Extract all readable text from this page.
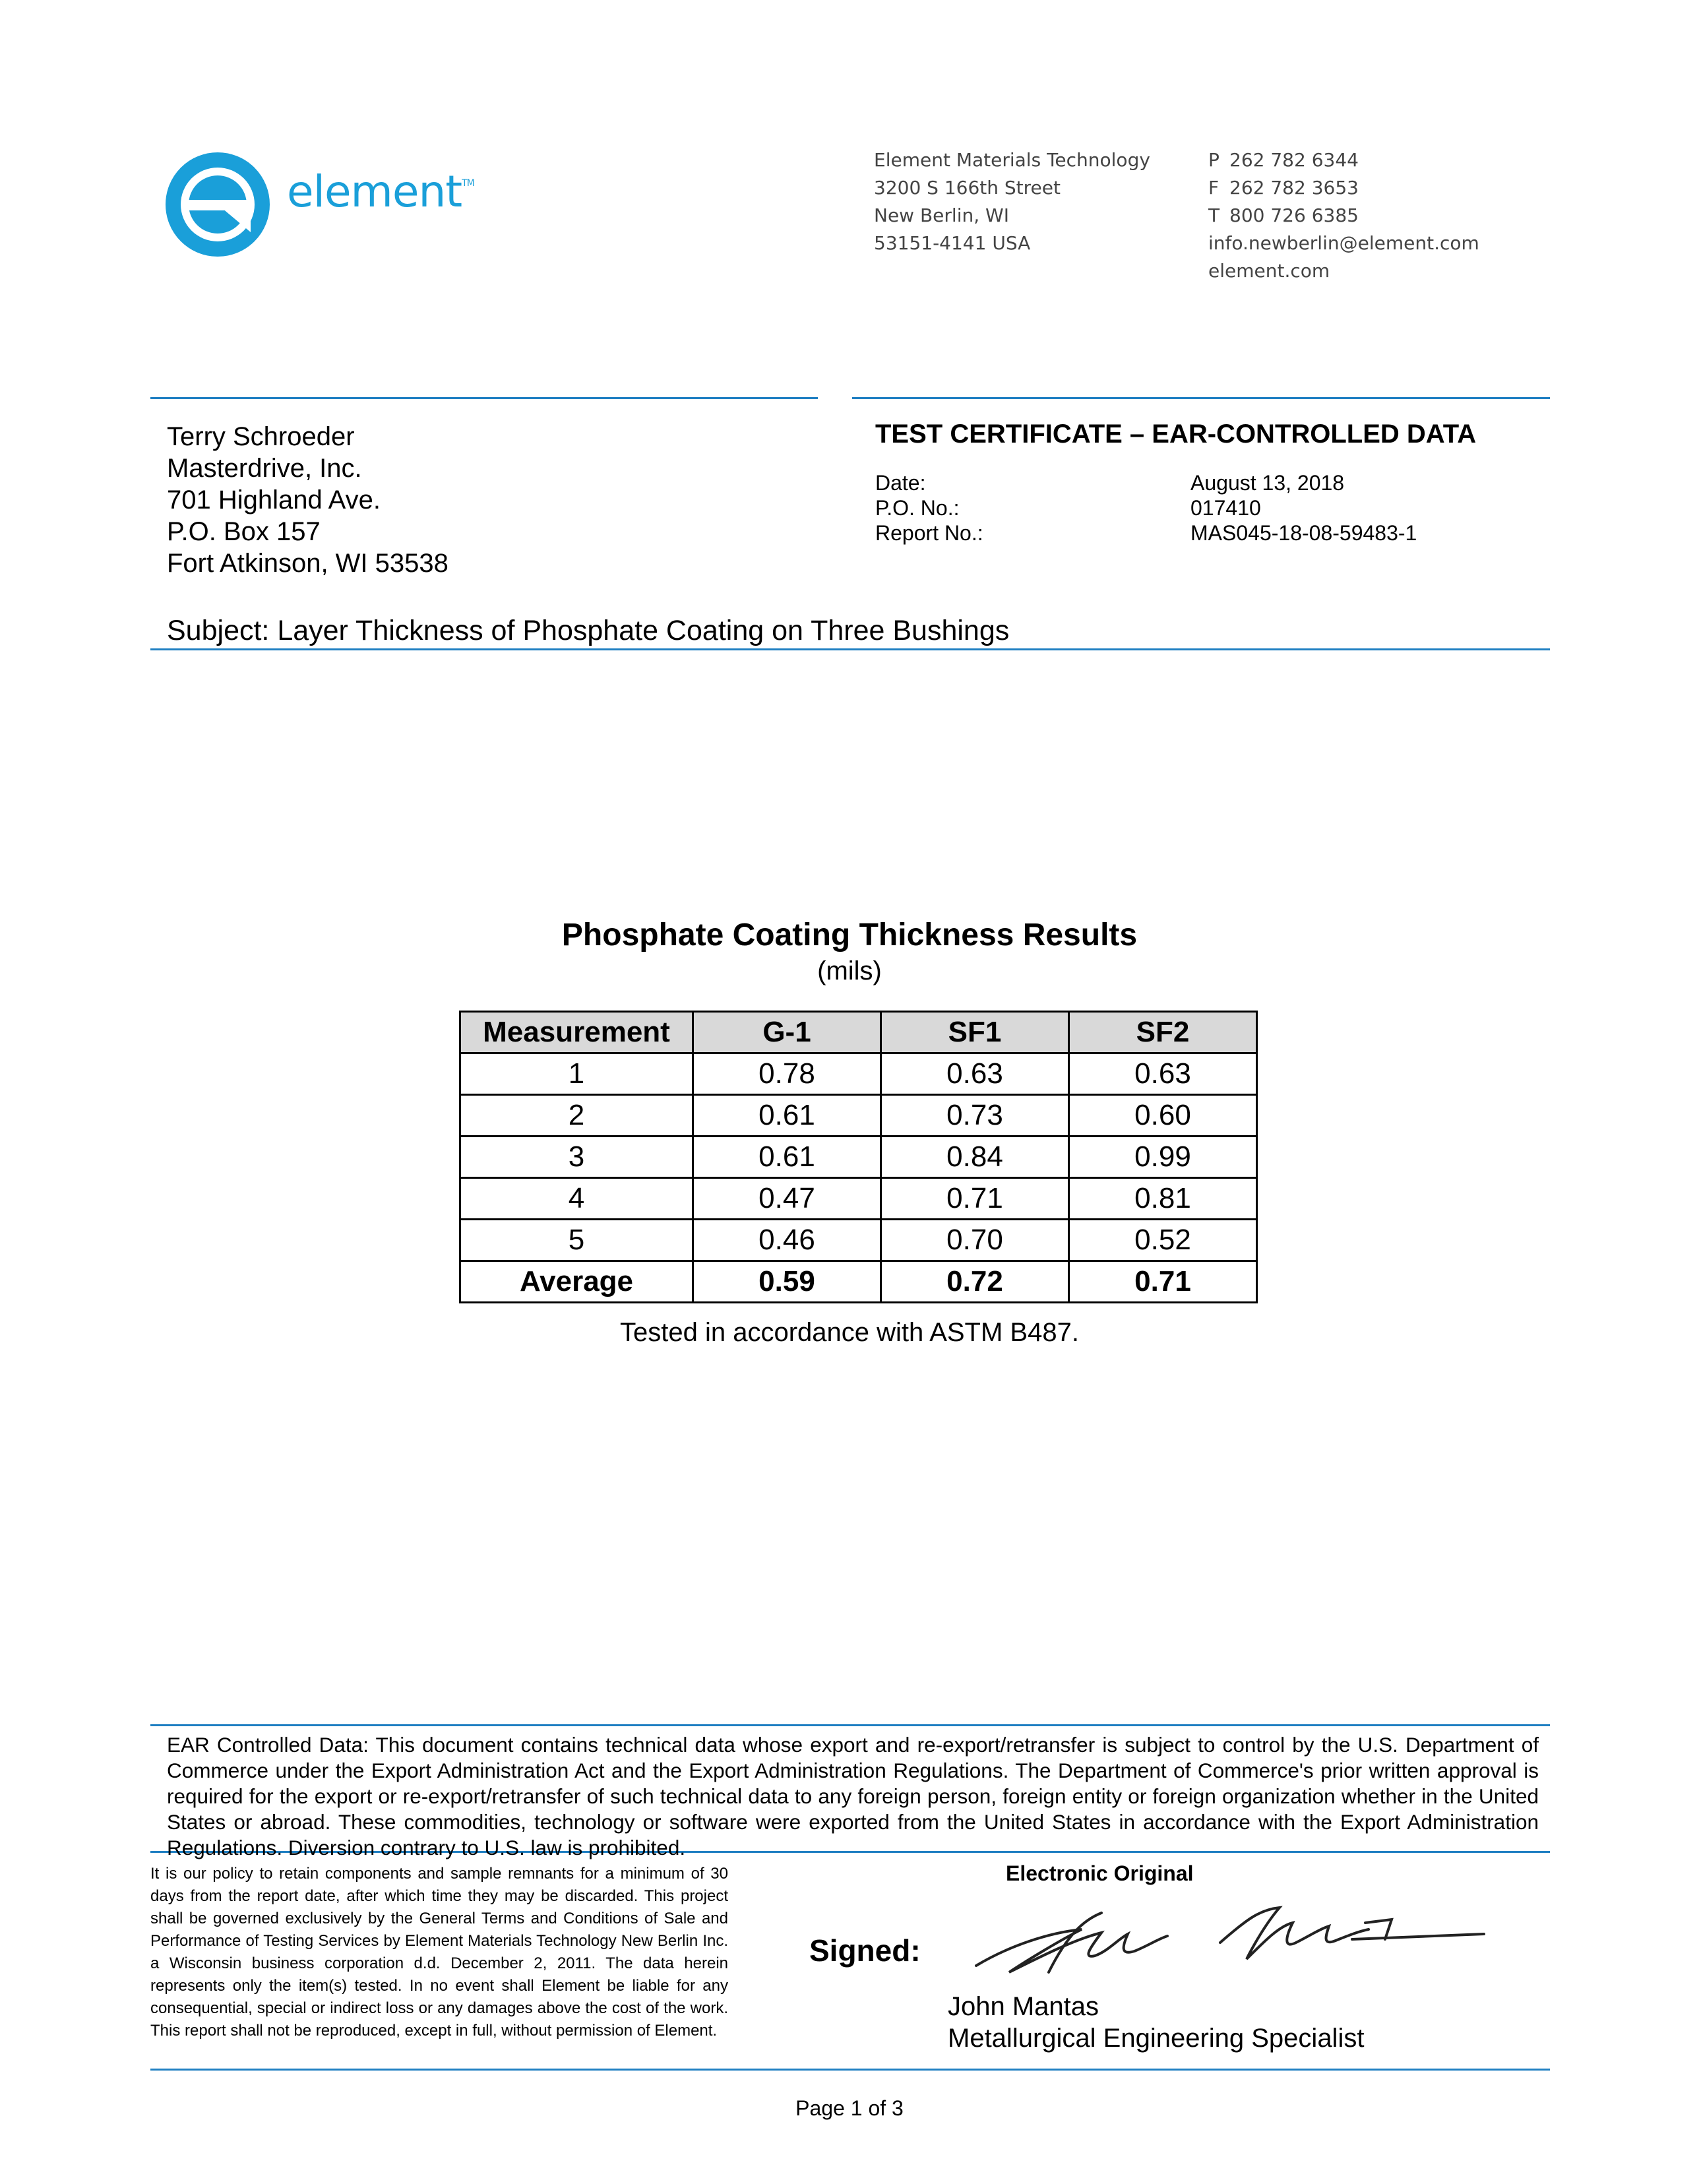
element™
Element Materials Technology
3200 S 166th Street
New Berlin, WI
53151-4141 USA
P 262 782 6344
F 262 782 3653
T 800 726 6385
info.newberlin@element.com
element.com
Terry Schroeder
Masterdrive, Inc.
701 Highland Ave.
P.O. Box 157
Fort Atkinson, WI 53538
TEST CERTIFICATE – EAR-CONTROLLED DATA
Date:	August 13, 2018
P.O. No.:	017410
Report No.:	MAS045-18-08-59483-1
Subject: Layer Thickness of Phosphate Coating on Three Bushings
Phosphate Coating Thickness Results
(mils)
Measurement	G-1	SF1	SF2
1	0.78	0.63	0.63
2	0.61	0.73	0.60
3	0.61	0.84	0.99
4	0.47	0.71	0.81
5	0.46	0.70	0.52
Average	0.59	0.72	0.71
Tested in accordance with ASTM B487.
EAR Controlled Data: This document contains technical data whose export and re-export/retransfer is subject to control by the U.S. Department of Commerce under the Export Administration Act and the Export Administration Regulations. The Department of Commerce's prior written approval is required for the export or re-export/retransfer of such technical data to any foreign person, foreign entity or foreign organization whether in the United States or abroad. These commodities, technology or software were exported from the United States in accordance with the Export Administration Regulations. Diversion contrary to U.S. law is prohibited.
It is our policy to retain components and sample remnants for a minimum of 30 days from the report date, after which time they may be discarded. This project shall be governed exclusively by the General Terms and Conditions of Sale and Performance of Testing Services by Element Materials Technology New Berlin Inc. a Wisconsin business corporation d.d. December 2, 2011. The data herein represents only the item(s) tested. In no event shall Element be liable for any consequential, special or indirect loss or any damages above the cost of the work. This report shall not be reproduced, except in full, without permission of Element.
Electronic Original
Signed:
John Mantas
Metallurgical Engineering Specialist
Page 1 of 3
